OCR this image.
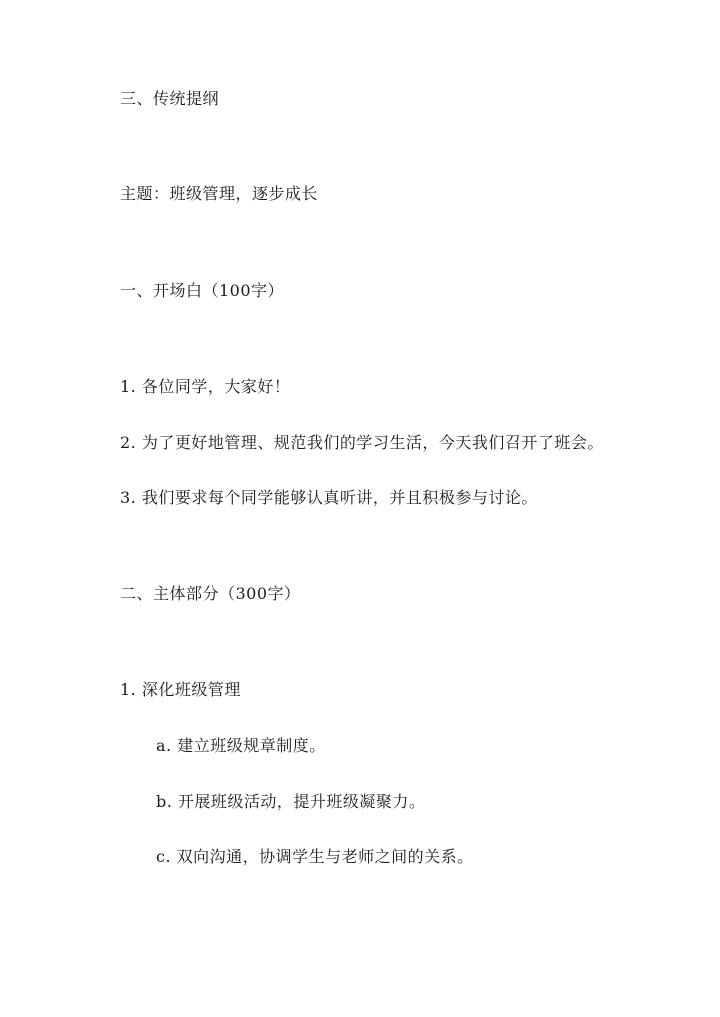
三、传统提纲
主题：班级管理，逐步成长
一、开场白（100字）
1. 各位同学，大家好！
2. 为了更好地管理、规范我们的学习生活，今天我们召开了班会。
3. 我们要求每个同学能够认真听讲，并且积极参与讨论。
二、主体部分（300字）
1. 深化班级管理
a. 建立班级规章制度。
b. 开展班级活动，提升班级凝聚力。
c. 双向沟通，协调学生与老师之间的关系。
